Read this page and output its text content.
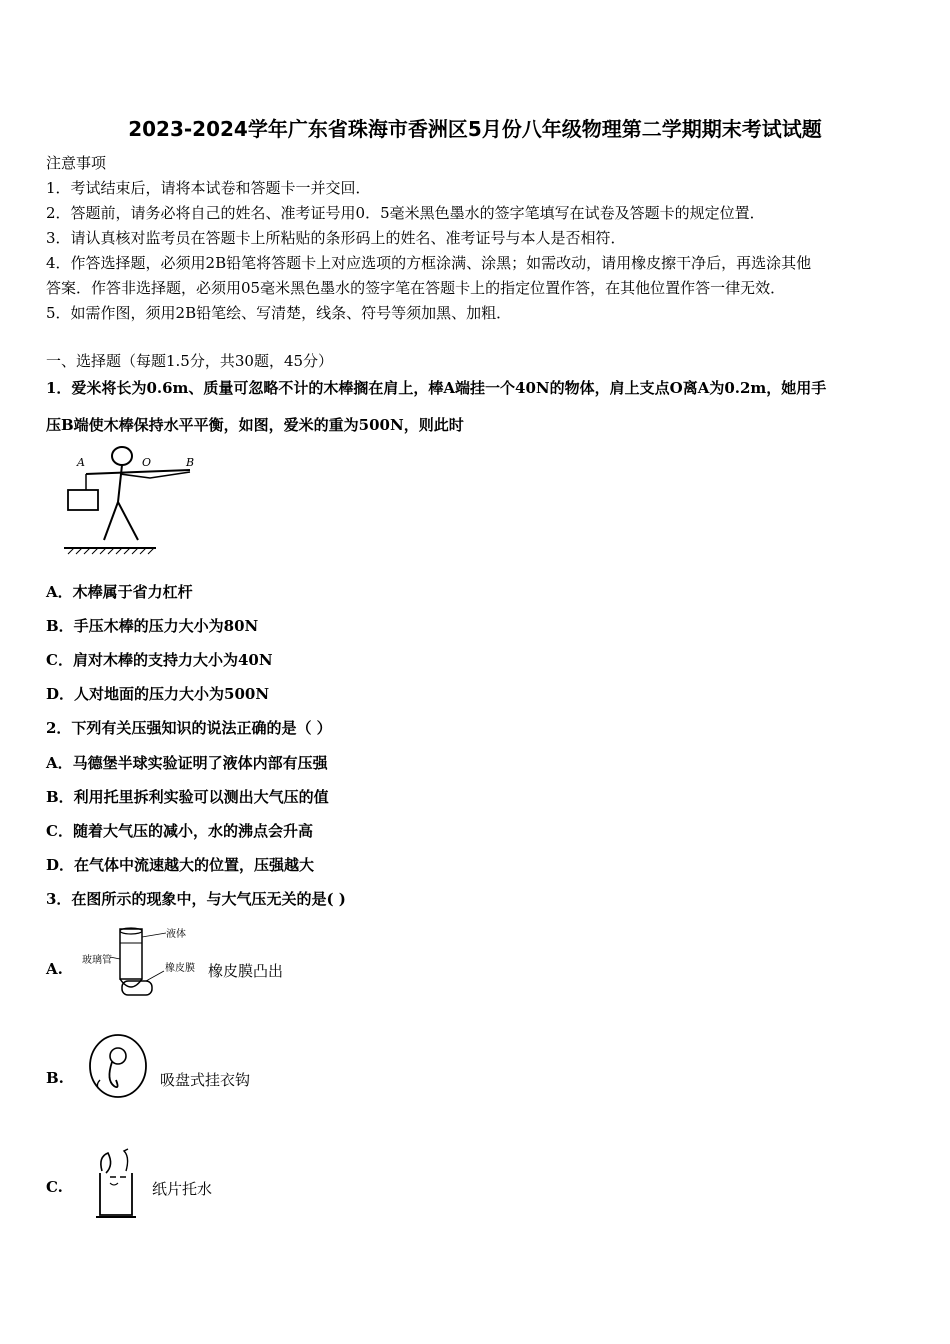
2023-2024学年广东省珠海市香洲区5月份八年级物理第二学期期末考试试题
注意事项
1．考试结束后，请将本试卷和答题卡一并交回．
2．答题前，请务必将自己的姓名、准考证号用0．5毫米黑色墨水的签字笔填写在试卷及答题卡的规定位置．
3．请认真核对监考员在答题卡上所粘贴的条形码上的姓名、准考证号与本人是否相符．
4．作答选择题，必须用2B铅笔将答题卡上对应选项的方框涂满、涂黑；如需改动，请用橡皮擦干净后，再选涂其他
答案．作答非选择题，必须用05毫米黑色墨水的签字笔在答题卡上的指定位置作答，在其他位置作答一律无效．
5．如需作图，须用2B铅笔绘、写清楚，线条、符号等须加黑、加粗．
一、选择题（每题1.5分，共30题，45分）
1．爱米将长为0.6m、质量可忽略不计的木棒搁在肩上，棒A端挂一个40N的物体，肩上支点O离A为0.2m，她用手
压B端使木棒保持水平平衡，如图，爱米的重为500N，则此时
A	O	B
A．木棒属于省力杠杆
B．手压木棒的压力大小为80N
C．肩对木棒的支持力大小为40N
D．人对地面的压力大小为500N
2．下列有关压强知识的说法正确的是（ ）
A．马德堡半球实验证明了液体内部有压强
B．利用托里拆利实验可以测出大气压的值
C．随着大气压的减小，水的沸点会升高
D．在气体中流速越大的位置，压强越大
3．在图所示的现象中，与大气压无关的是( )
A.
液体
玻璃管
橡皮膜 橡皮膜凸出
B.	吸盘式挂衣钩
C.	纸片托水
